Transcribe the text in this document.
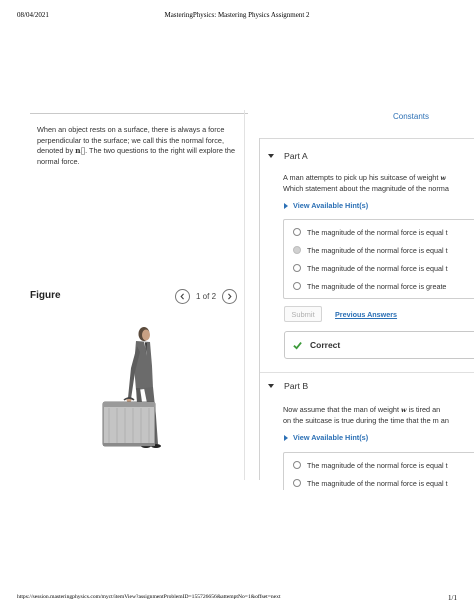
08/04/2021	MasteringPhysics: Mastering Physics Assignment 2

When an object rests on a surface, there is always a force perpendicular to the surface; we call this the normal force, denoted by n⃗. The two questions to the right will explore the normal force.

Figure	1 of 2
Constants
Part A
A man attempts to pick up his suitcase of weight w
Which statement about the magnitude of the norma
View Available Hint(s)
The magnitude of the normal force is equal t
The magnitude of the normal force is equal t
The magnitude of the normal force is equal t
The magnitude of the normal force is greate
Submit	Previous Answers
Correct
Part B
Now assume that the man of weight w is tired an
on the suitcase is true during the time that the m an
View Available Hint(s)
The magnitude of the normal force is equal t
The magnitude of the normal force is equal t
https://session.masteringphysics.com/myct/itemView?assignmentProblemID=155726656&attemptNo=1&offset=next	1/1
